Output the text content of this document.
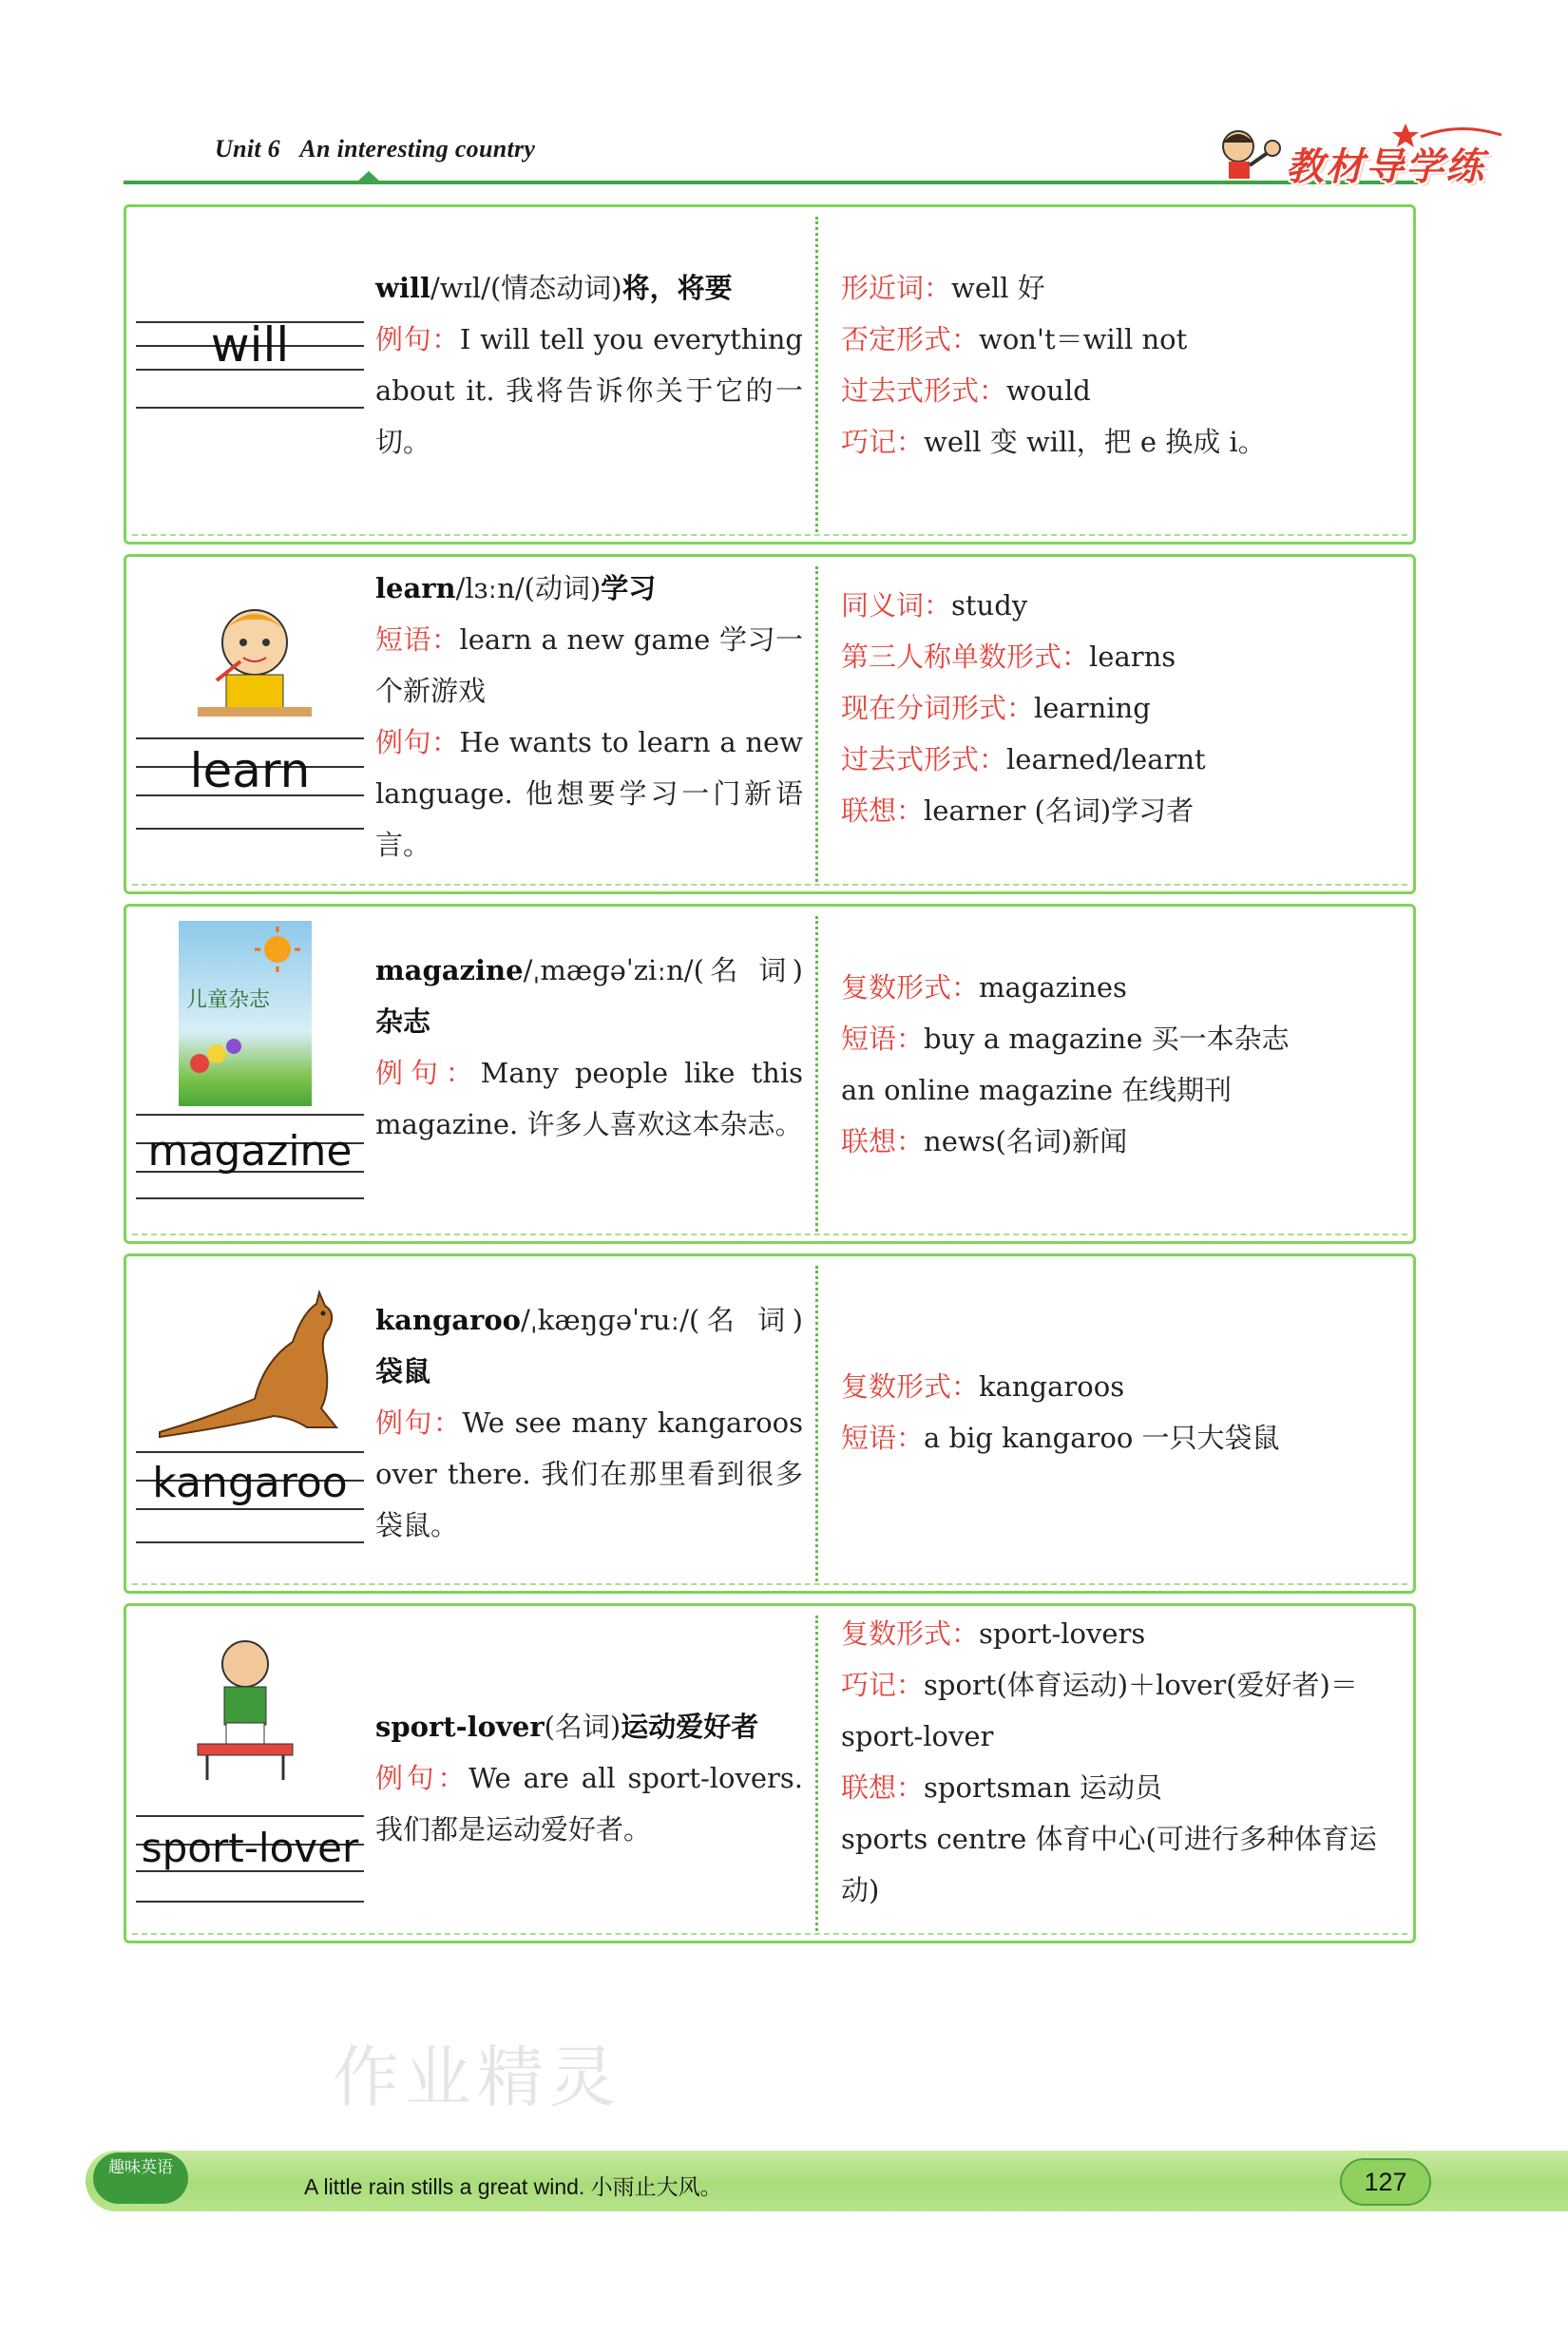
Unit 6 An interesting country	教材导学练
will

will/wɪl/(情态动词)将，将要

例句：I will tell you everything about it. 我将告诉你关于它的一切。

形近词：well 好

否定形式：won't＝will not

过去式形式：would

巧记：well 变 will，把 e 换成 i。

learn

learn/lɜːn/(动词)学习

短语：learn a new game 学习一个新游戏

例句：He wants to learn a new language. 他想要学习一门新语言。

同义词：study

第三人称单数形式：learns

现在分词形式：learning

过去式形式：learned/learnt

联想：learner (名词)学习者

儿童杂志
magazine

magazine/ˌmæɡəˈziːn/(名 词) 杂志

例句：Many people like this magazine. 许多人喜欢这本杂志。

复数形式：magazines

短语：buy a magazine 买一本杂志

an online magazine 在线期刊

联想：news(名词)新闻

kangaroo

kangaroo/ˌkæŋɡəˈruː/(名 词) 袋鼠

例句：We see many kangaroos over there. 我们在那里看到很多袋鼠。

复数形式：kangaroos

短语：a big kangaroo 一只大袋鼠

sport-lover

sport-lover(名词)运动爱好者

例句：We are all sport-lovers. 我们都是运动爱好者。

复数形式：sport-lovers

巧记：sport(体育运动)＋lover(爱好者)＝sport-lover

联想：sportsman 运动员

sports centre 体育中心(可进行多种体育运动)

作业精灵
趣味英语
A little rain stills a great wind. 小雨止大风。	127
